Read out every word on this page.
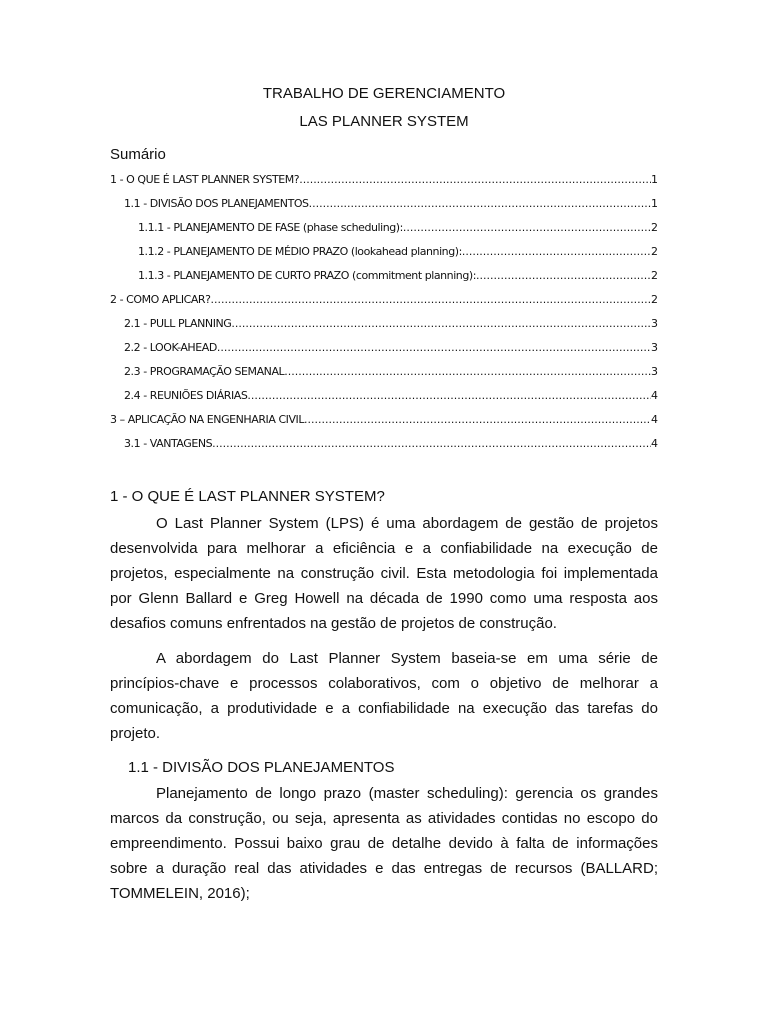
TRABALHO DE GERENCIAMENTO
LAS PLANNER SYSTEM
Sumário
1 - O QUE É LAST PLANNER SYSTEM? .....	1
1.1 - DIVISÃO DOS PLANEJAMENTOS .....	1
1.1.1 - PLANEJAMENTO DE FASE (phase scheduling): .....	2
1.1.2 - PLANEJAMENTO DE MÉDIO PRAZO (lookahead planning): .....	2
1.1.3 - PLANEJAMENTO DE CURTO PRAZO (commitment planning): .....	2
2 - COMO APLICAR? .....	2
2.1 - PULL PLANNING .....	3
2.2 - LOOK-AHEAD .....	3
2.3 - PROGRAMAÇÃO SEMANAL .....	3
2.4 - REUNIÕES DIÁRIAS .....	4
3 – APLICAÇÃO NA ENGENHARIA CIVIL .....	4
3.1 - VANTAGENS .....	4
1 - O QUE É LAST PLANNER SYSTEM?

O Last Planner System (LPS) é uma abordagem de gestão de projetos desenvolvida para melhorar a eficiência e a confiabilidade na execução de projetos, especialmente na construção civil. Esta metodologia foi implementada por Glenn Ballard e Greg Howell na década de 1990 como uma resposta aos desafios comuns enfrentados na gestão de projetos de construção.

A abordagem do Last Planner System baseia-se em uma série de princípios-chave e processos colaborativos, com o objetivo de melhorar a comunicação, a produtividade e a confiabilidade na execução das tarefas do projeto.

1.1 - DIVISÃO DOS PLANEJAMENTOS

Planejamento de longo prazo (master scheduling): gerencia os grandes marcos da construção, ou seja, apresenta as atividades contidas no escopo do empreendimento. Possui baixo grau de detalhe devido à falta de informações sobre a duração real das atividades e das entregas de recursos (BALLARD; TOMMELEIN, 2016);
